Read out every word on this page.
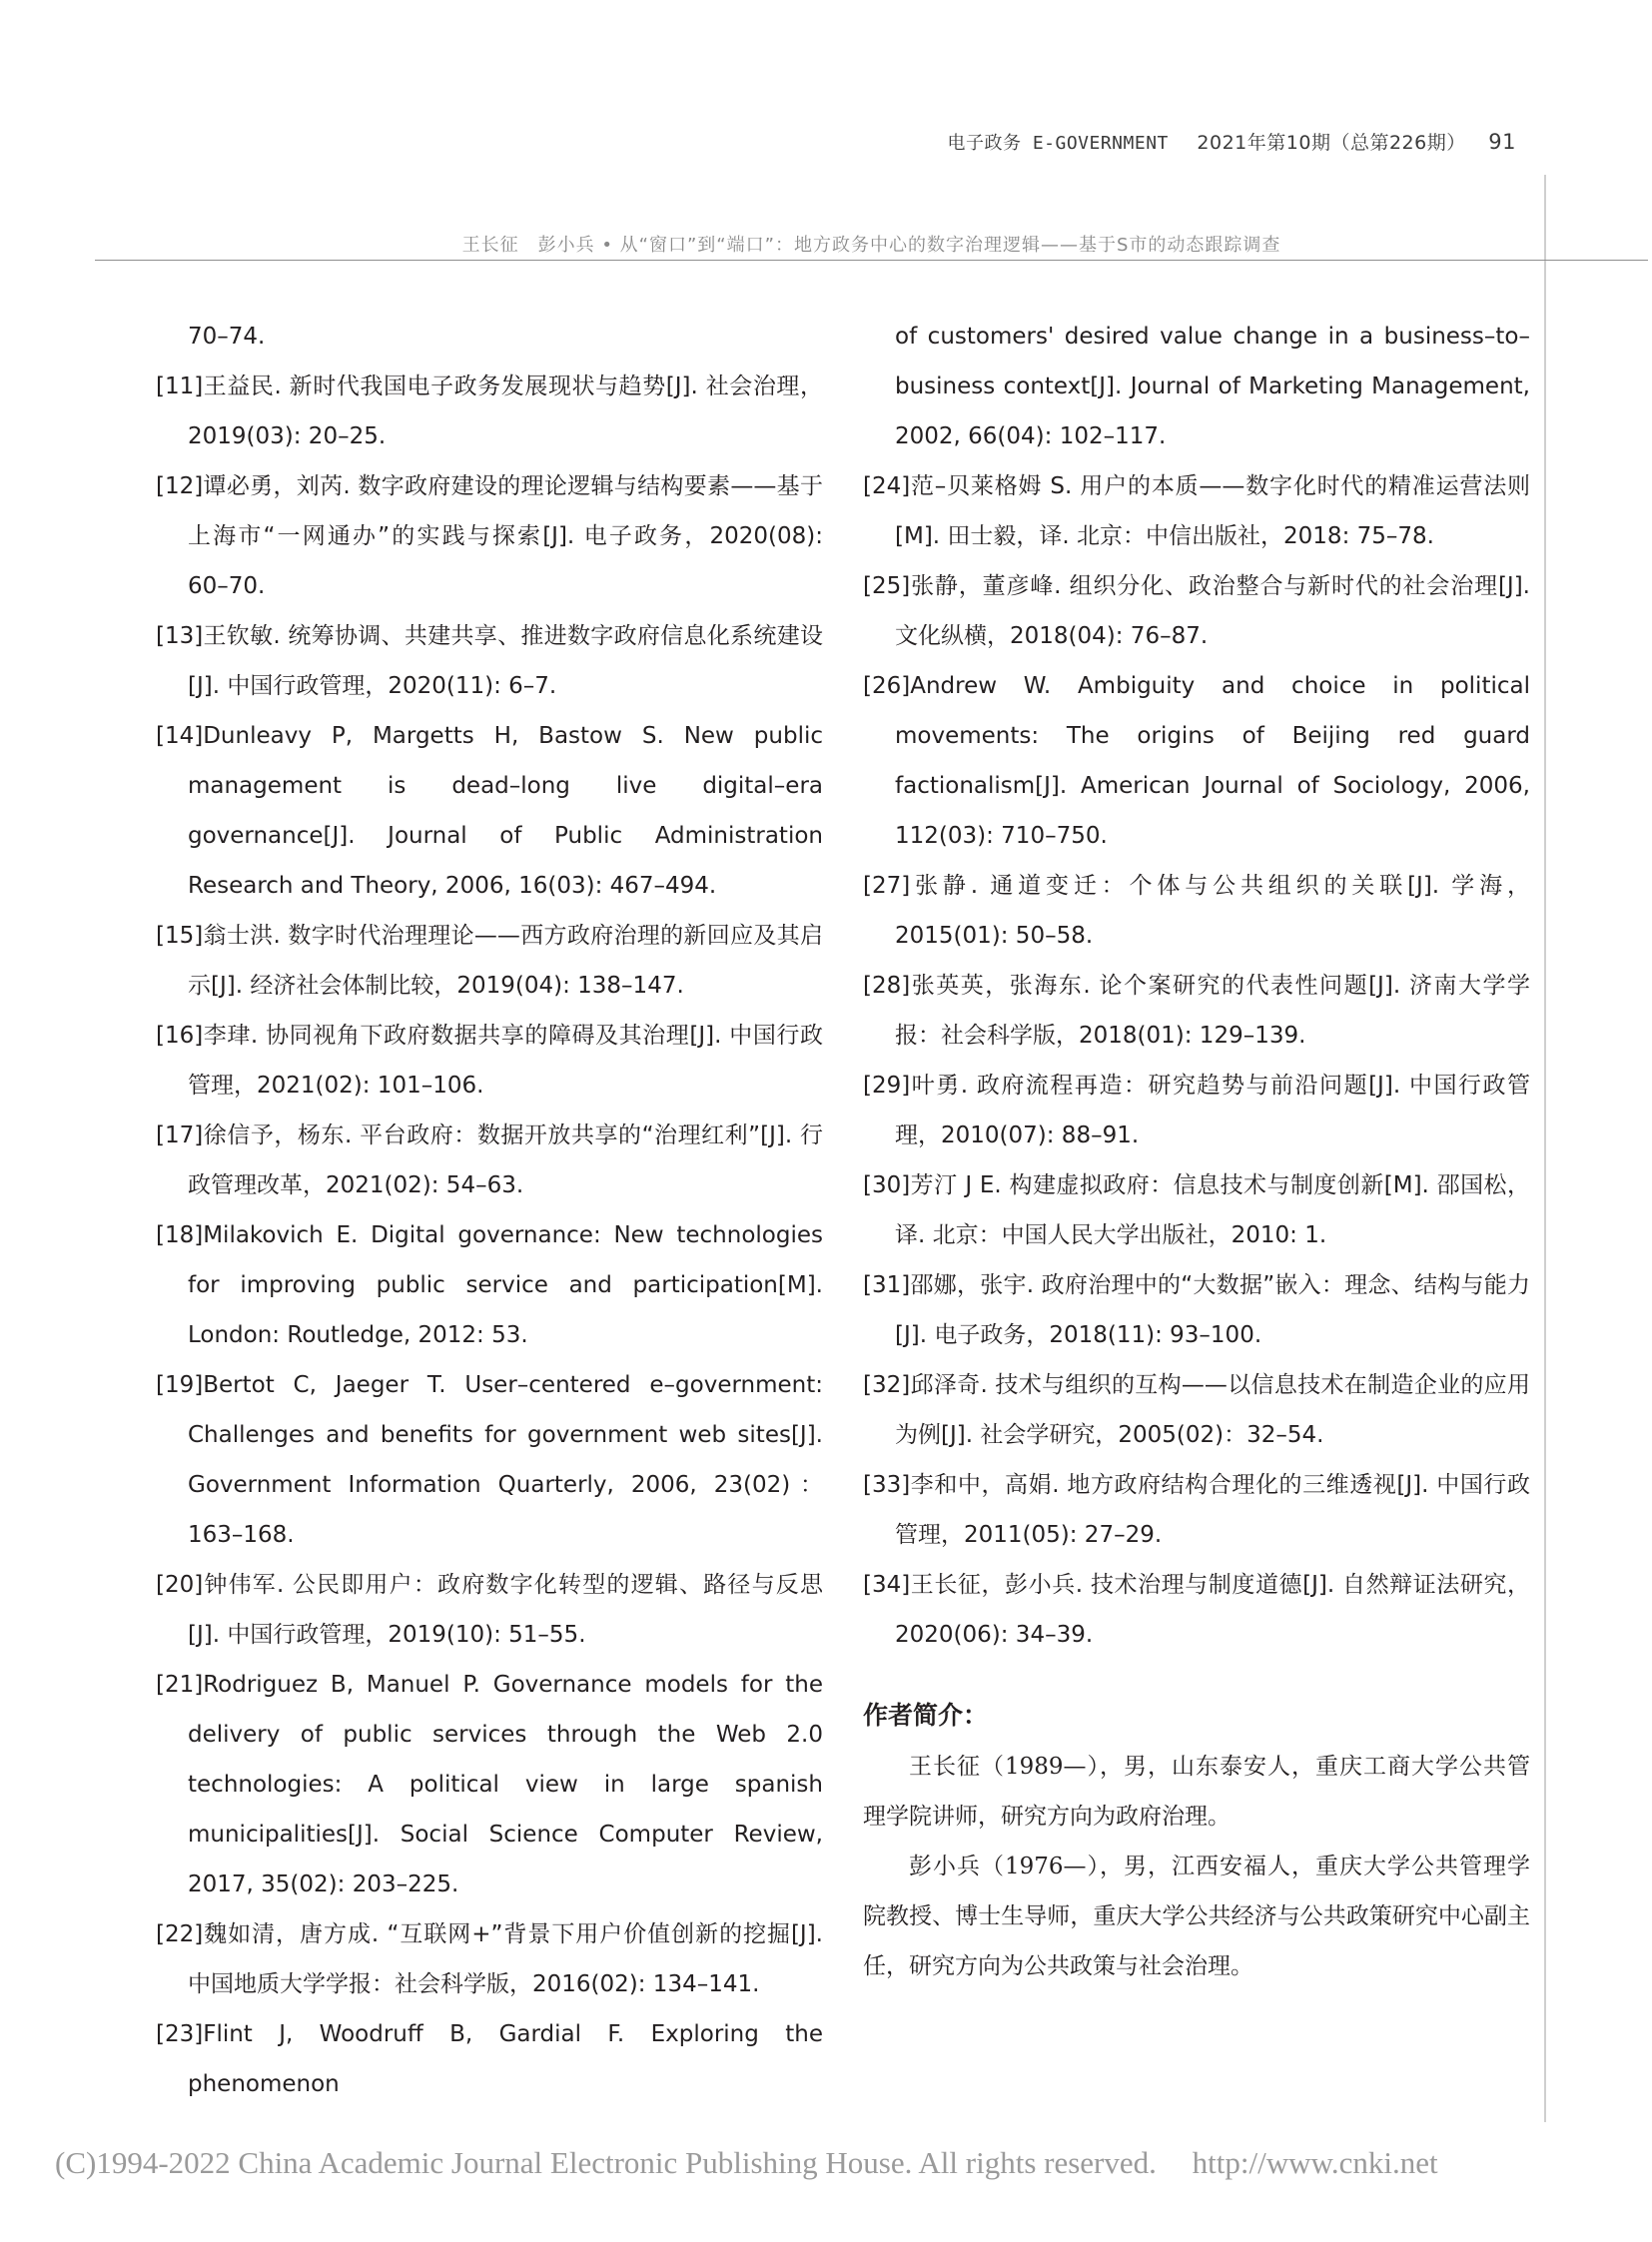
电子政务 E-GOVERNMENT 2021年第10期（总第226期） 91
王长征　彭小兵 • 从“窗口”到“端口”：地方政务中心的数字治理逻辑——基于S市的动态跟踪调查

70–74.

[11]王益民. 新时代我国电子政务发展现状与趋势[J]. 社会治理，2019(03): 20–25.

[12]谭必勇，刘芮. 数字政府建设的理论逻辑与结构要素——基于上海市“一网通办”的实践与探索[J]. 电子政务，2020(08): 60–70.

[13]王钦敏. 统筹协调、共建共享、推进数字政府信息化系统建设[J]. 中国行政管理，2020(11): 6–7.

[14]Dunleavy P, Margetts H, Bastow S. New public management is dead–long live digital–era governance[J]. Journal of Public Administration Research and Theory, 2006, 16(03): 467–494.

[15]翁士洪. 数字时代治理理论——西方政府治理的新回应及其启示[J]. 经济社会体制比较，2019(04): 138–147.

[16]李珒. 协同视角下政府数据共享的障碍及其治理[J]. 中国行政管理，2021(02): 101–106.

[17]徐信予，杨东. 平台政府：数据开放共享的“治理红利”[J]. 行政管理改革，2021(02): 54–63.

[18]Milakovich E. Digital governance: New technologies for improving public service and participation[M]. London: Routledge, 2012: 53.

[19]Bertot C, Jaeger T. User–centered e–government: Challenges and benefits for government web sites[J]. Government Information Quarterly, 2006, 23(02)：163–168.

[20]钟伟军. 公民即用户：政府数字化转型的逻辑、路径与反思[J]. 中国行政管理，2019(10): 51–55.

[21]Rodriguez B, Manuel P. Governance models for the delivery of public services through the Web 2.0 technologies: A political view in large spanish municipalities[J]. Social Science Computer Review, 2017, 35(02): 203–225.

[22]魏如清，唐方成. “互联网+”背景下用户价值创新的挖掘[J]. 中国地质大学学报：社会科学版，2016(02): 134–141.

[23]Flint J, Woodruff B, Gardial F. Exploring the phenomenon

of customers' desired value change in a business–to–business context[J]. Journal of Marketing Management, 2002, 66(04): 102–117.

[24]范–贝莱格姆 S. 用户的本质——数字化时代的精准运营法则[M]. 田士毅，译. 北京：中信出版社，2018: 75–78.

[25]张静，董彦峰. 组织分化、政治整合与新时代的社会治理[J]. 文化纵横，2018(04): 76–87.

[26]Andrew W. Ambiguity and choice in political movements: The origins of Beijing red guard factionalism[J]. American Journal of Sociology, 2006, 112(03): 710–750.

[27]张静. 通道变迁：个体与公共组织的关联[J]. 学海，2015(01): 50–58.

[28]张英英，张海东. 论个案研究的代表性问题[J]. 济南大学学报：社会科学版，2018(01): 129–139.

[29]叶勇. 政府流程再造：研究趋势与前沿问题[J]. 中国行政管理，2010(07): 88–91.

[30]芳汀 J E. 构建虚拟政府：信息技术与制度创新[M]. 邵国松，译. 北京：中国人民大学出版社，2010: 1.

[31]邵娜，张宇. 政府治理中的“大数据”嵌入：理念、结构与能力[J]. 电子政务，2018(11): 93–100.

[32]邱泽奇. 技术与组织的互构——以信息技术在制造企业的应用为例[J]. 社会学研究，2005(02)：32–54.

[33]李和中，高娟. 地方政府结构合理化的三维透视[J]. 中国行政管理，2011(05): 27–29.

[34]王长征，彭小兵. 技术治理与制度道德[J]. 自然辩证法研究，2020(06): 34–39.

作者简介：

王长征（1989—），男，山东泰安人，重庆工商大学公共管理学院讲师，研究方向为政府治理。

彭小兵（1976—），男，江西安福人，重庆大学公共管理学院教授、博士生导师，重庆大学公共经济与公共政策研究中心副主任，研究方向为公共政策与社会治理。

(C)1994-2022 China Academic Journal Electronic Publishing House. All rights reserved. http://www.cnki.net
